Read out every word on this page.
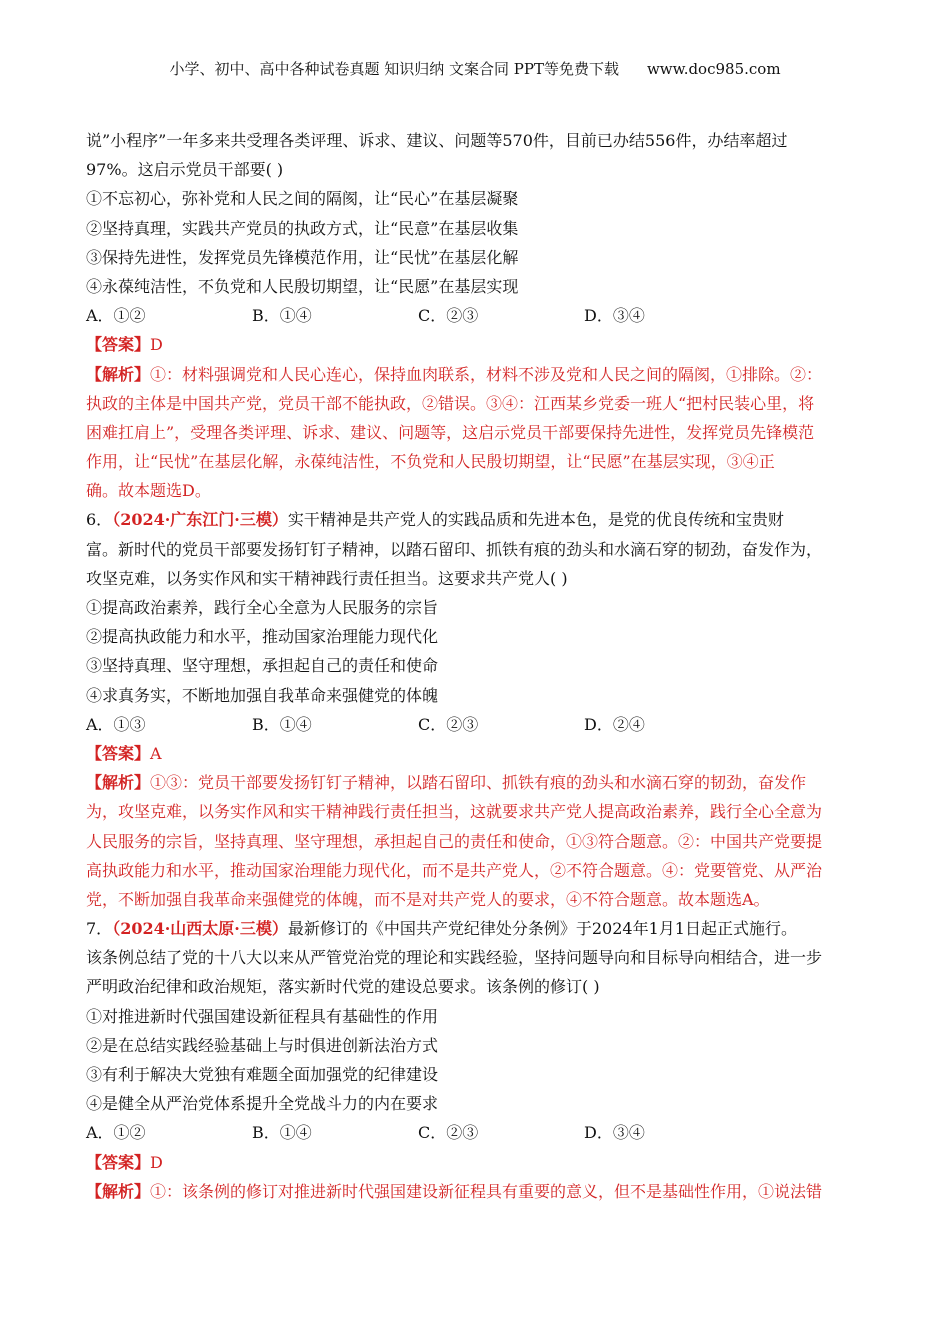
小学、初中、高中各种试卷真题 知识归纳 文案合同 PPT等免费下载 www.doc985.com
说”小程序”一年多来共受理各类评理、诉求、建议、问题等570件，目前已办结556件，办结率超过
97%。这启示党员干部要( )
①不忘初心，弥补党和人民之间的隔阂，让“民心”在基层凝聚
②坚持真理，实践共产党员的执政方式，让“民意”在基层收集
③保持先进性，发挥党员先锋模范作用，让“民忧”在基层化解
④永葆纯洁性，不负党和人民殷切期望，让“民愿”在基层实现
A．①②	B．①④	C．②③	D．③④
【答案】D
【解析】①：材料强调党和人民心连心，保持血肉联系，材料不涉及党和人民之间的隔阂，①排除。②：
执政的主体是中国共产党，党员干部不能执政，②错误。③④：江西某乡党委一班人“把村民装心里，将
困难扛肩上”，受理各类评理、诉求、建议、问题等，这启示党员干部要保持先进性，发挥党员先锋模范
作用，让“民忧”在基层化解，永葆纯洁性，不负党和人民殷切期望，让“民愿”在基层实现，③④正
确。故本题选D。
6．（2024·广东江门·三模）实干精神是共产党人的实践品质和先进本色，是党的优良传统和宝贵财
富。新时代的党员干部要发扬钉钉子精神，以踏石留印、抓铁有痕的劲头和水滴石穿的韧劲，奋发作为，
攻坚克难，以务实作风和实干精神践行责任担当。这要求共产党人( )
①提高政治素养，践行全心全意为人民服务的宗旨
②提高执政能力和水平，推动国家治理能力现代化
③坚持真理、坚守理想，承担起自己的责任和使命
④求真务实，不断地加强自我革命来强健党的体魄
A．①③	B．①④	C．②③	D．②④
【答案】A
【解析】①③：党员干部要发扬钉钉子精神，以踏石留印、抓铁有痕的劲头和水滴石穿的韧劲，奋发作
为，攻坚克难，以务实作风和实干精神践行责任担当，这就要求共产党人提高政治素养，践行全心全意为
人民服务的宗旨，坚持真理、坚守理想，承担起自己的责任和使命，①③符合题意。②：中国共产党要提
高执政能力和水平，推动国家治理能力现代化，而不是共产党人，②不符合题意。④：党要管党、从严治
党，不断加强自我革命来强健党的体魄，而不是对共产党人的要求，④不符合题意。故本题选A。
7．（2024·山西太原·三模）最新修订的《中国共产党纪律处分条例》于2024年1月1日起正式施行。
该条例总结了党的十八大以来从严管党治党的理论和实践经验，坚持问题导向和目标导向相结合，进一步
严明政治纪律和政治规矩，落实新时代党的建设总要求。该条例的修订( )
①对推进新时代强国建设新征程具有基础性的作用
②是在总结实践经验基础上与时俱进创新法治方式
③有利于解决大党独有难题全面加强党的纪律建设
④是健全从严治党体系提升全党战斗力的内在要求
A．①②	B．①④	C．②③	D．③④
【答案】D
【解析】①：该条例的修订对推进新时代强国建设新征程具有重要的意义，但不是基础性作用，①说法错
